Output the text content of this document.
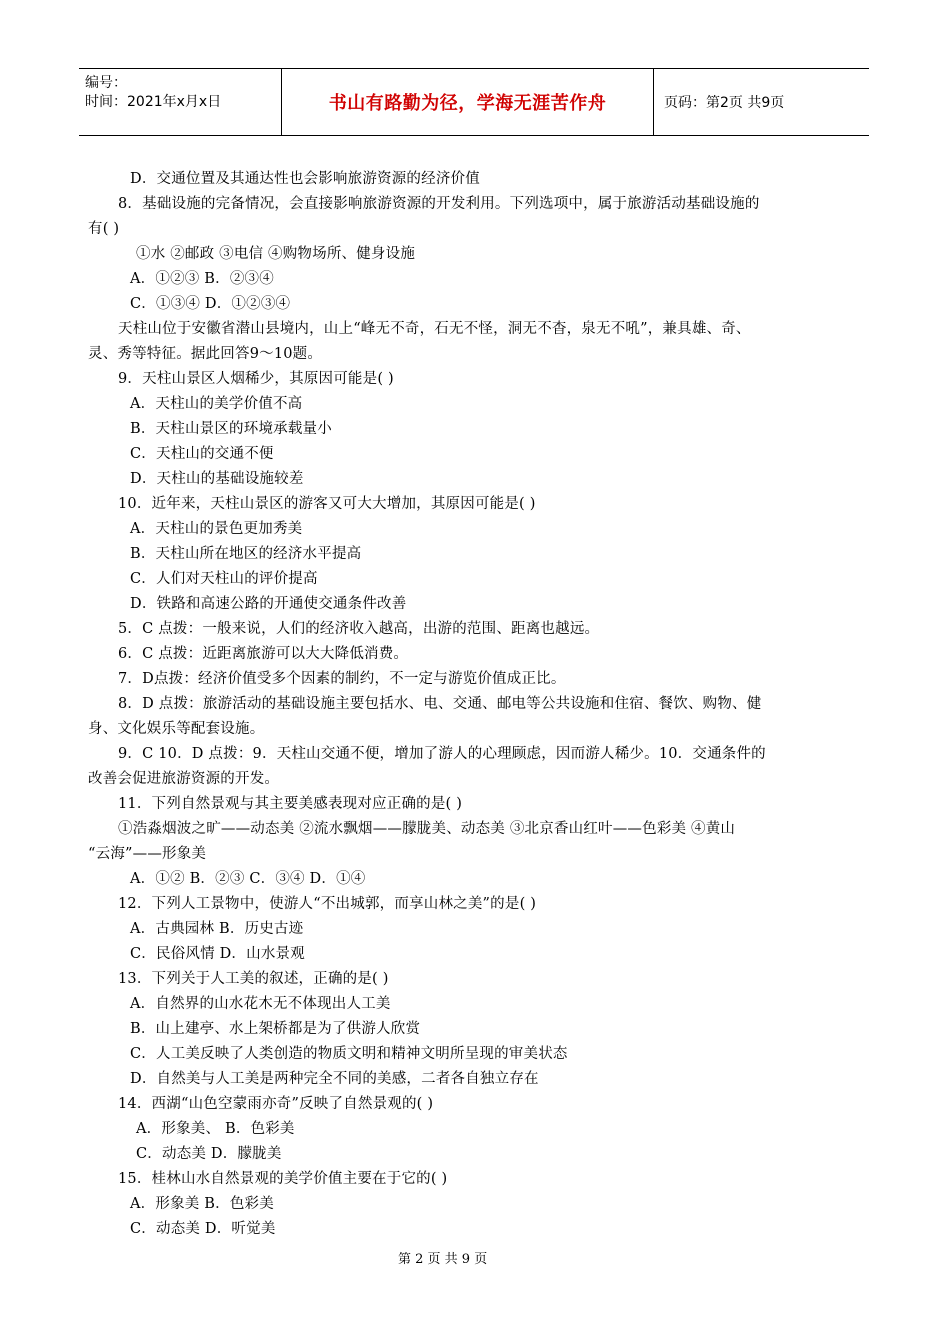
编号：
时间：2021年x月x日	书山有路勤为径，学海无涯苦作舟	页码：第2页 共9页
D．交通位置及其通达性也会影响旅游资源的经济价值
8．基础设施的完备情况，会直接影响旅游资源的开发利用。下列选项中，属于旅游活动基础设施的
有( )
①水 ②邮政 ③电信 ④购物场所、健身设施
A．①②③ B．②③④
C．①③④ D．①②③④
天柱山位于安徽省潜山县境内，山上“峰无不奇，石无不怪，洞无不杳，泉无不吼”，兼具雄、奇、
灵、秀等特征。据此回答9～10题。
9．天柱山景区人烟稀少，其原因可能是( )
A．天柱山的美学价值不高
B．天柱山景区的环境承载量小
C．天柱山的交通不便
D．天柱山的基础设施较差
10．近年来，天柱山景区的游客又可大大增加，其原因可能是( )
A．天柱山的景色更加秀美
B．天柱山所在地区的经济水平提高
C．人们对天柱山的评价提高
D．铁路和高速公路的开通使交通条件改善
5．C 点拨：一般来说，人们的经济收入越高，出游的范围、距离也越远。
6．C 点拨：近距离旅游可以大大降低消费。
7．D点拨：经济价值受多个因素的制约，不一定与游览价值成正比。
8．D 点拨：旅游活动的基础设施主要包括水、电、交通、邮电等公共设施和住宿、餐饮、购物、健
身、文化娱乐等配套设施。
9．C 10．D 点拨：9．天柱山交通不便，增加了游人的心理顾虑，因而游人稀少。10．交通条件的
改善会促进旅游资源的开发。
11．下列自然景观与其主要美感表现对应正确的是( )
①浩淼烟波之旷——动态美 ②流水飘烟——朦胧美、动态美 ③北京香山红叶——色彩美 ④黄山
“云海”——形象美
A．①② B．②③ C．③④ D．①④
12．下列人工景物中，使游人“不出城郭，而享山林之美”的是( )
A．古典园林 B．历史古迹
C．民俗风情 D．山水景观
13．下列关于人工美的叙述，正确的是( )
A．自然界的山水花木无不体现出人工美
B．山上建亭、水上架桥都是为了供游人欣赏
C．人工美反映了人类创造的物质文明和精神文明所呈现的审美状态
D．自然美与人工美是两种完全不同的美感，二者各自独立存在
14．西湖“山色空蒙雨亦奇”反映了自然景观的( )
A．形象美、 B．色彩美
C．动态美 D．朦胧美
15．桂林山水自然景观的美学价值主要在于它的( )
A．形象美 B．色彩美
C．动态美 D．听觉美
第 2 页 共 9 页
